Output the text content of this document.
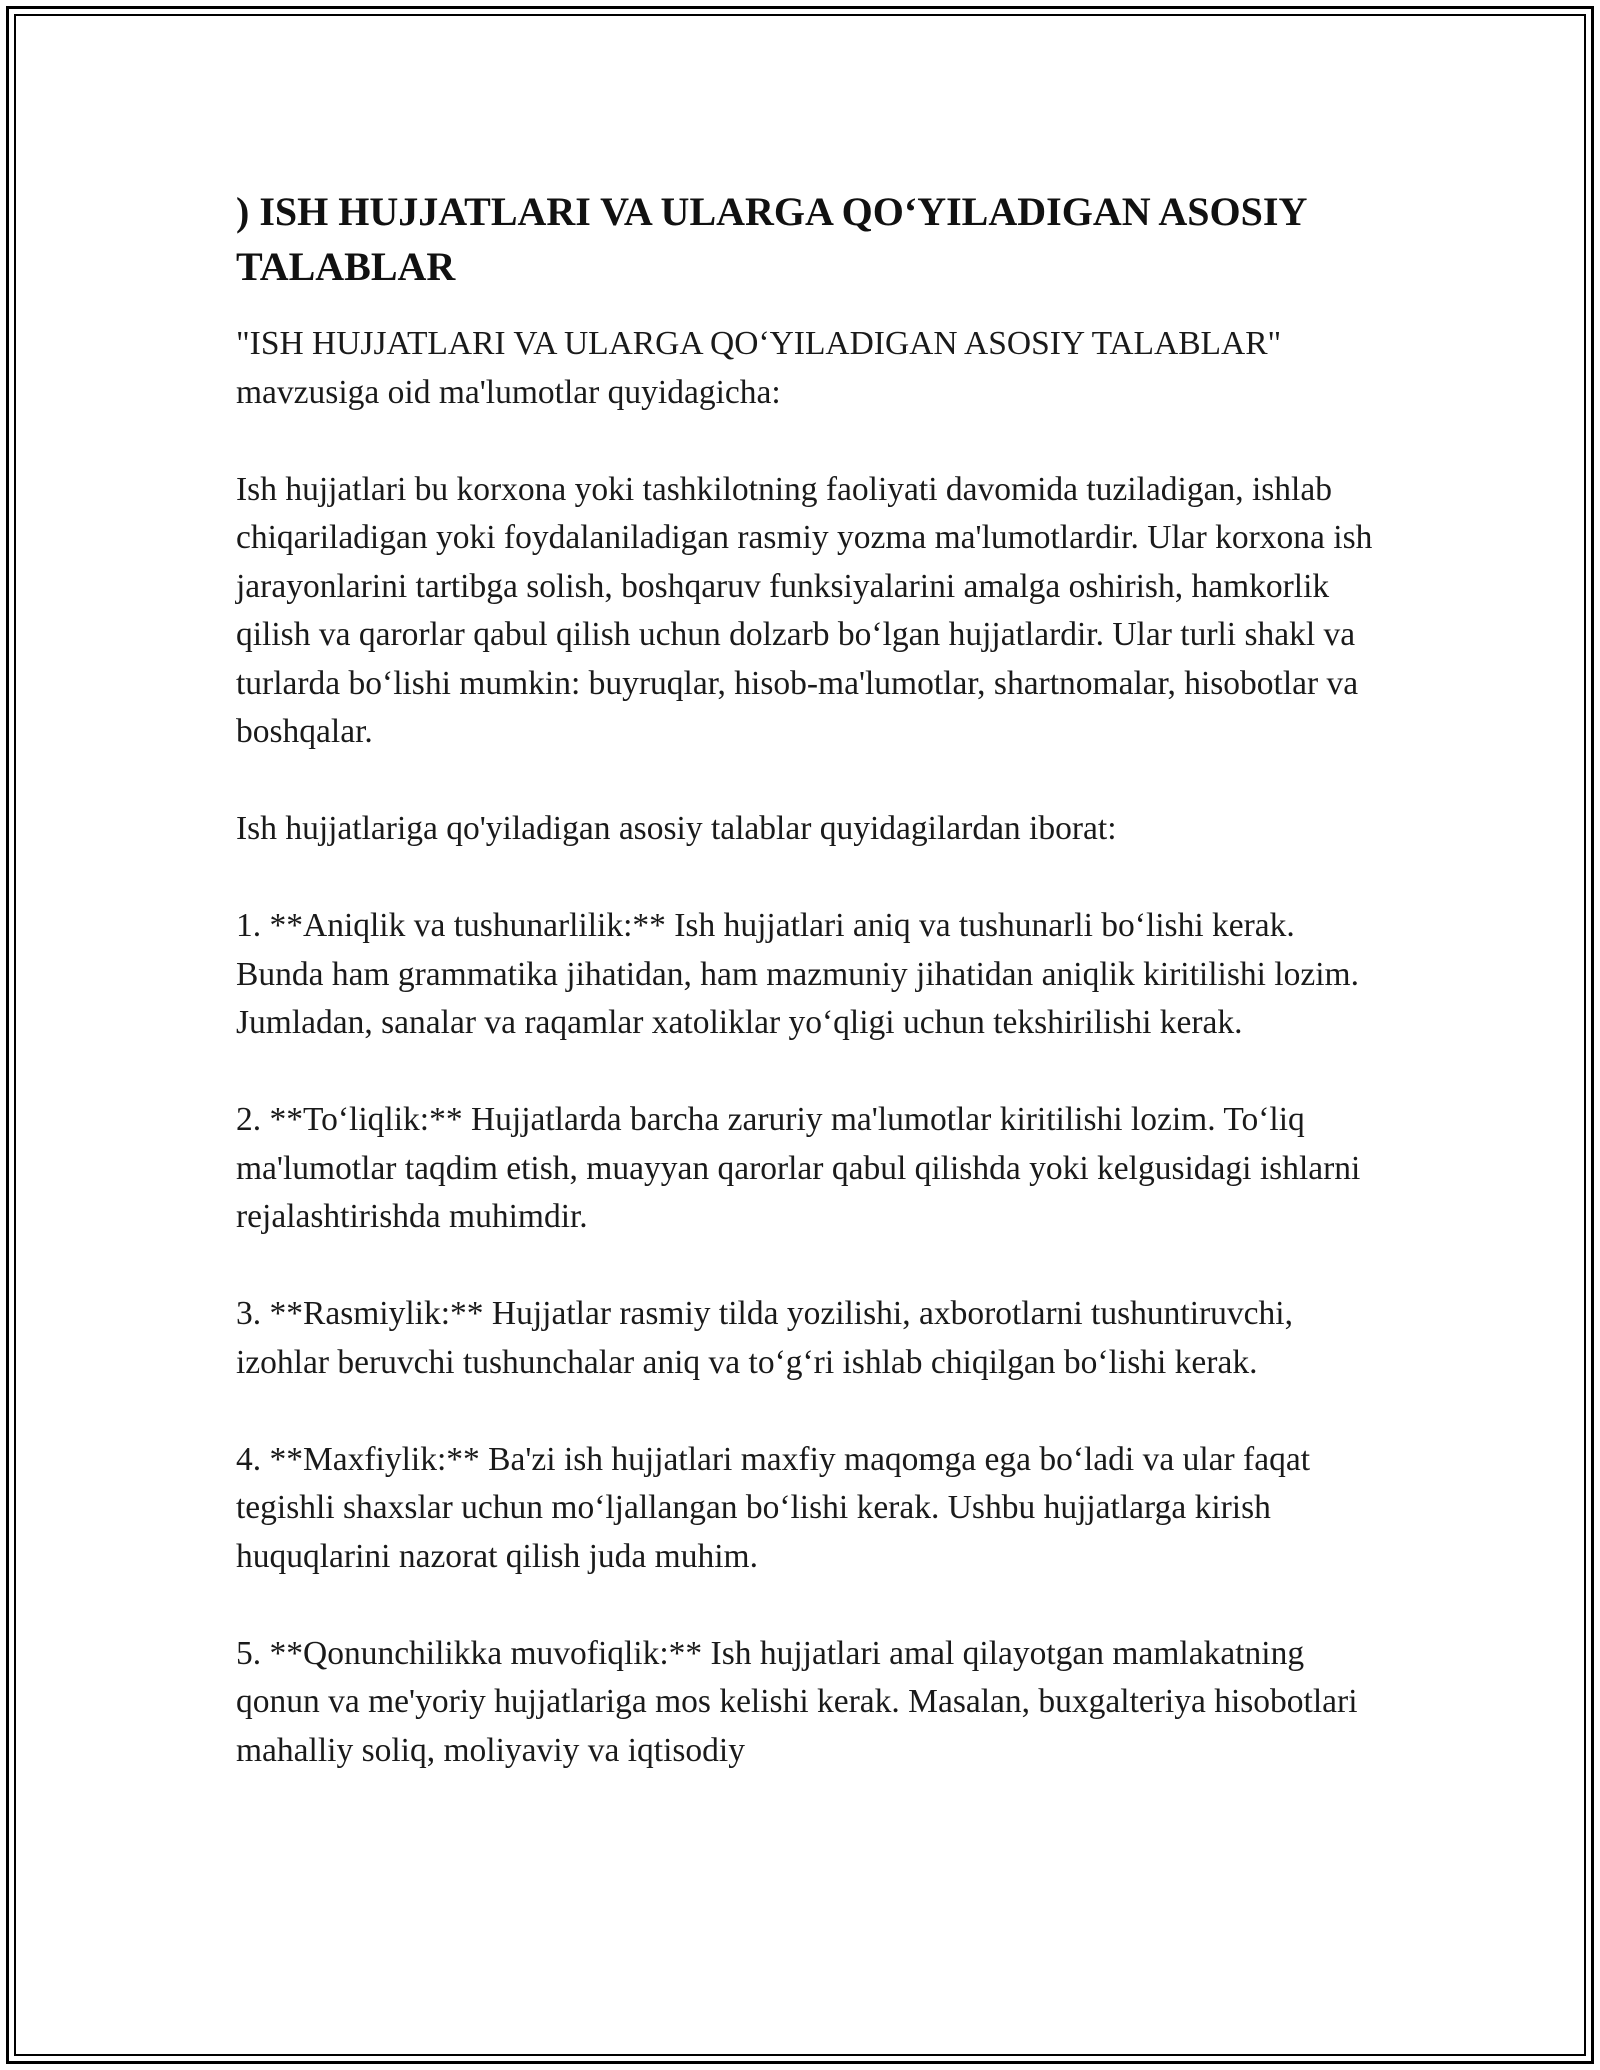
) ISH HUJJATLARI VA ULARGA QO‘YILADIGAN ASOSIY TALABLAR

"ISH HUJJATLARI VA ULARGA QO‘YILADIGAN ASOSIY TALABLAR" mavzusiga oid ma'lumotlar quyidagicha:

Ish hujjatlari bu korxona yoki tashkilotning faoliyati davomida tuziladigan, ishlab chiqariladigan yoki foydalaniladigan rasmiy yozma ma'lumotlardir. Ular korxona ish jarayonlarini tartibga solish, boshqaruv funksiyalarini amalga oshirish, hamkorlik qilish va qarorlar qabul qilish uchun dolzarb bo‘lgan hujjatlardir. Ular turli shakl va turlarda bo‘lishi mumkin: buyruqlar, hisob-ma'lumotlar, shartnomalar, hisobotlar va boshqalar.

Ish hujjatlariga qo'yiladigan asosiy talablar quyidagilardan iborat:

1. **Aniqlik va tushunarlilik:** Ish hujjatlari aniq va tushunarli bo‘lishi kerak. Bunda ham grammatika jihatidan, ham mazmuniy jihatidan aniqlik kiritilishi lozim. Jumladan, sanalar va raqamlar xatoliklar yo‘qligi uchun tekshirilishi kerak.

2. **To‘liqlik:** Hujjatlarda barcha zaruriy ma'lumotlar kiritilishi lozim. To‘liq ma'lumotlar taqdim etish, muayyan qarorlar qabul qilishda yoki kelgusidagi ishlarni rejalashtirishda muhimdir.

3. **Rasmiylik:** Hujjatlar rasmiy tilda yozilishi, axborotlarni tushuntiruvchi, izohlar beruvchi tushunchalar aniq va to‘g‘ri ishlab chiqilgan bo‘lishi kerak.

4. **Maxfiylik:** Ba'zi ish hujjatlari maxfiy maqomga ega bo‘ladi va ular faqat tegishli shaxslar uchun mo‘ljallangan bo‘lishi kerak. Ushbu hujjatlarga kirish huquqlarini nazorat qilish juda muhim.

5. **Qonunchilikka muvofiqlik:** Ish hujjatlari amal qilayotgan mamlakatning qonun va me'yoriy hujjatlariga mos kelishi kerak. Masalan, buxgalteriya hisobotlari mahalliy soliq, moliyaviy va iqtisodiy
